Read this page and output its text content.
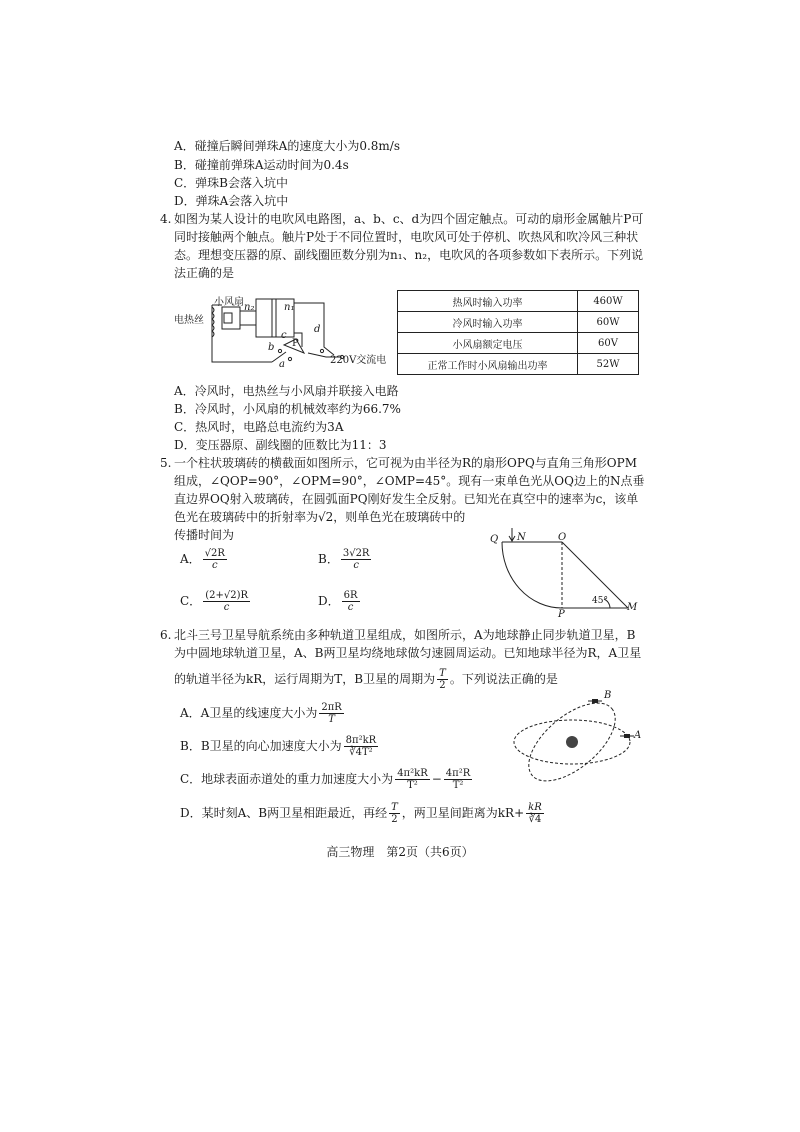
A．碰撞后瞬间弹珠A的速度大小为0.8m/s
B．碰撞前弹珠A运动时间为0.4s
C．弹珠B会落入坑中
D．弹珠A会落入坑中
4. 如图为某人设计的电吹风电路图，a、b、c、d为四个固定触点。可动的扇形金属触片P可
同时接触两个触点。触片P处于不同位置时，电吹风可处于停机、吹热风和吹冷风三种状
态。理想变压器的原、副线圈匝数分别为n₁、n₂，电吹风的各项参数如下表所示。下列说
法正确的是
小风扇
电热丝
n₂	n₁
P
d
c
b
a	220V交流电
热风时输入功率	460W
冷风时输入功率	60W
小风扇额定电压	60V
正常工作时小风扇输出功率	52W
A．冷风时，电热丝与小风扇并联接入电路
B．冷风时，小风扇的机械效率约为66.7%
C．热风时，电路总电流约为3A
D．变压器原、副线圈的匝数比为11：3
5. 一个柱状玻璃砖的横截面如图所示，它可视为由半径为R的扇形OPQ与直角三角形OPM
组成，∠QOP=90°，∠OPM=90°，∠OMP=45°。现有一束单色光从OQ边上的N点垂
直边界OQ射入玻璃砖，在圆弧面PQ刚好发生全反射。已知光在真空中的速率为c，该单
色光在玻璃砖中的折射率为√2，则单色光在玻璃砖中的
传播时间为
A． $\frac{√2R}{c}$	B． $\frac{3√2R}{c}$
C． $\frac{(2+√2)R}{c}$	D． $\frac{6R}{c}$
Q N	O
P
M
45°
6. 北斗三号卫星导航系统由多种轨道卫星组成，如图所示，A为地球静止同步轨道卫星，B
为中圆地球轨道卫星，A、B两卫星均绕地球做匀速圆周运动。已知地球半径为R，A卫星
的轨道半径为kR，运行周期为T，B卫星的周期为 $\frac{T}{2}$ 。下列说法正确的是
A．A卫星的线速度大小为 $\frac{2\pi R}{T}$
B．B卫星的向心加速度大小为 $\frac{\text{8π²kR}}{\text{∛4T²}}$
C．地球表面赤道处的重力加速度大小为 $\frac{\text{4π²kR}}{\text{T²}} - \frac{\text{4π²R}}{\text{T²}}$
D．某时刻A、B两卫星相距最近，再经 $\frac{T}{2}$ ，两卫星间距离为$kR+ \frac{kR}{∛4}$
B
A
高三物理　第2页（共6页）
